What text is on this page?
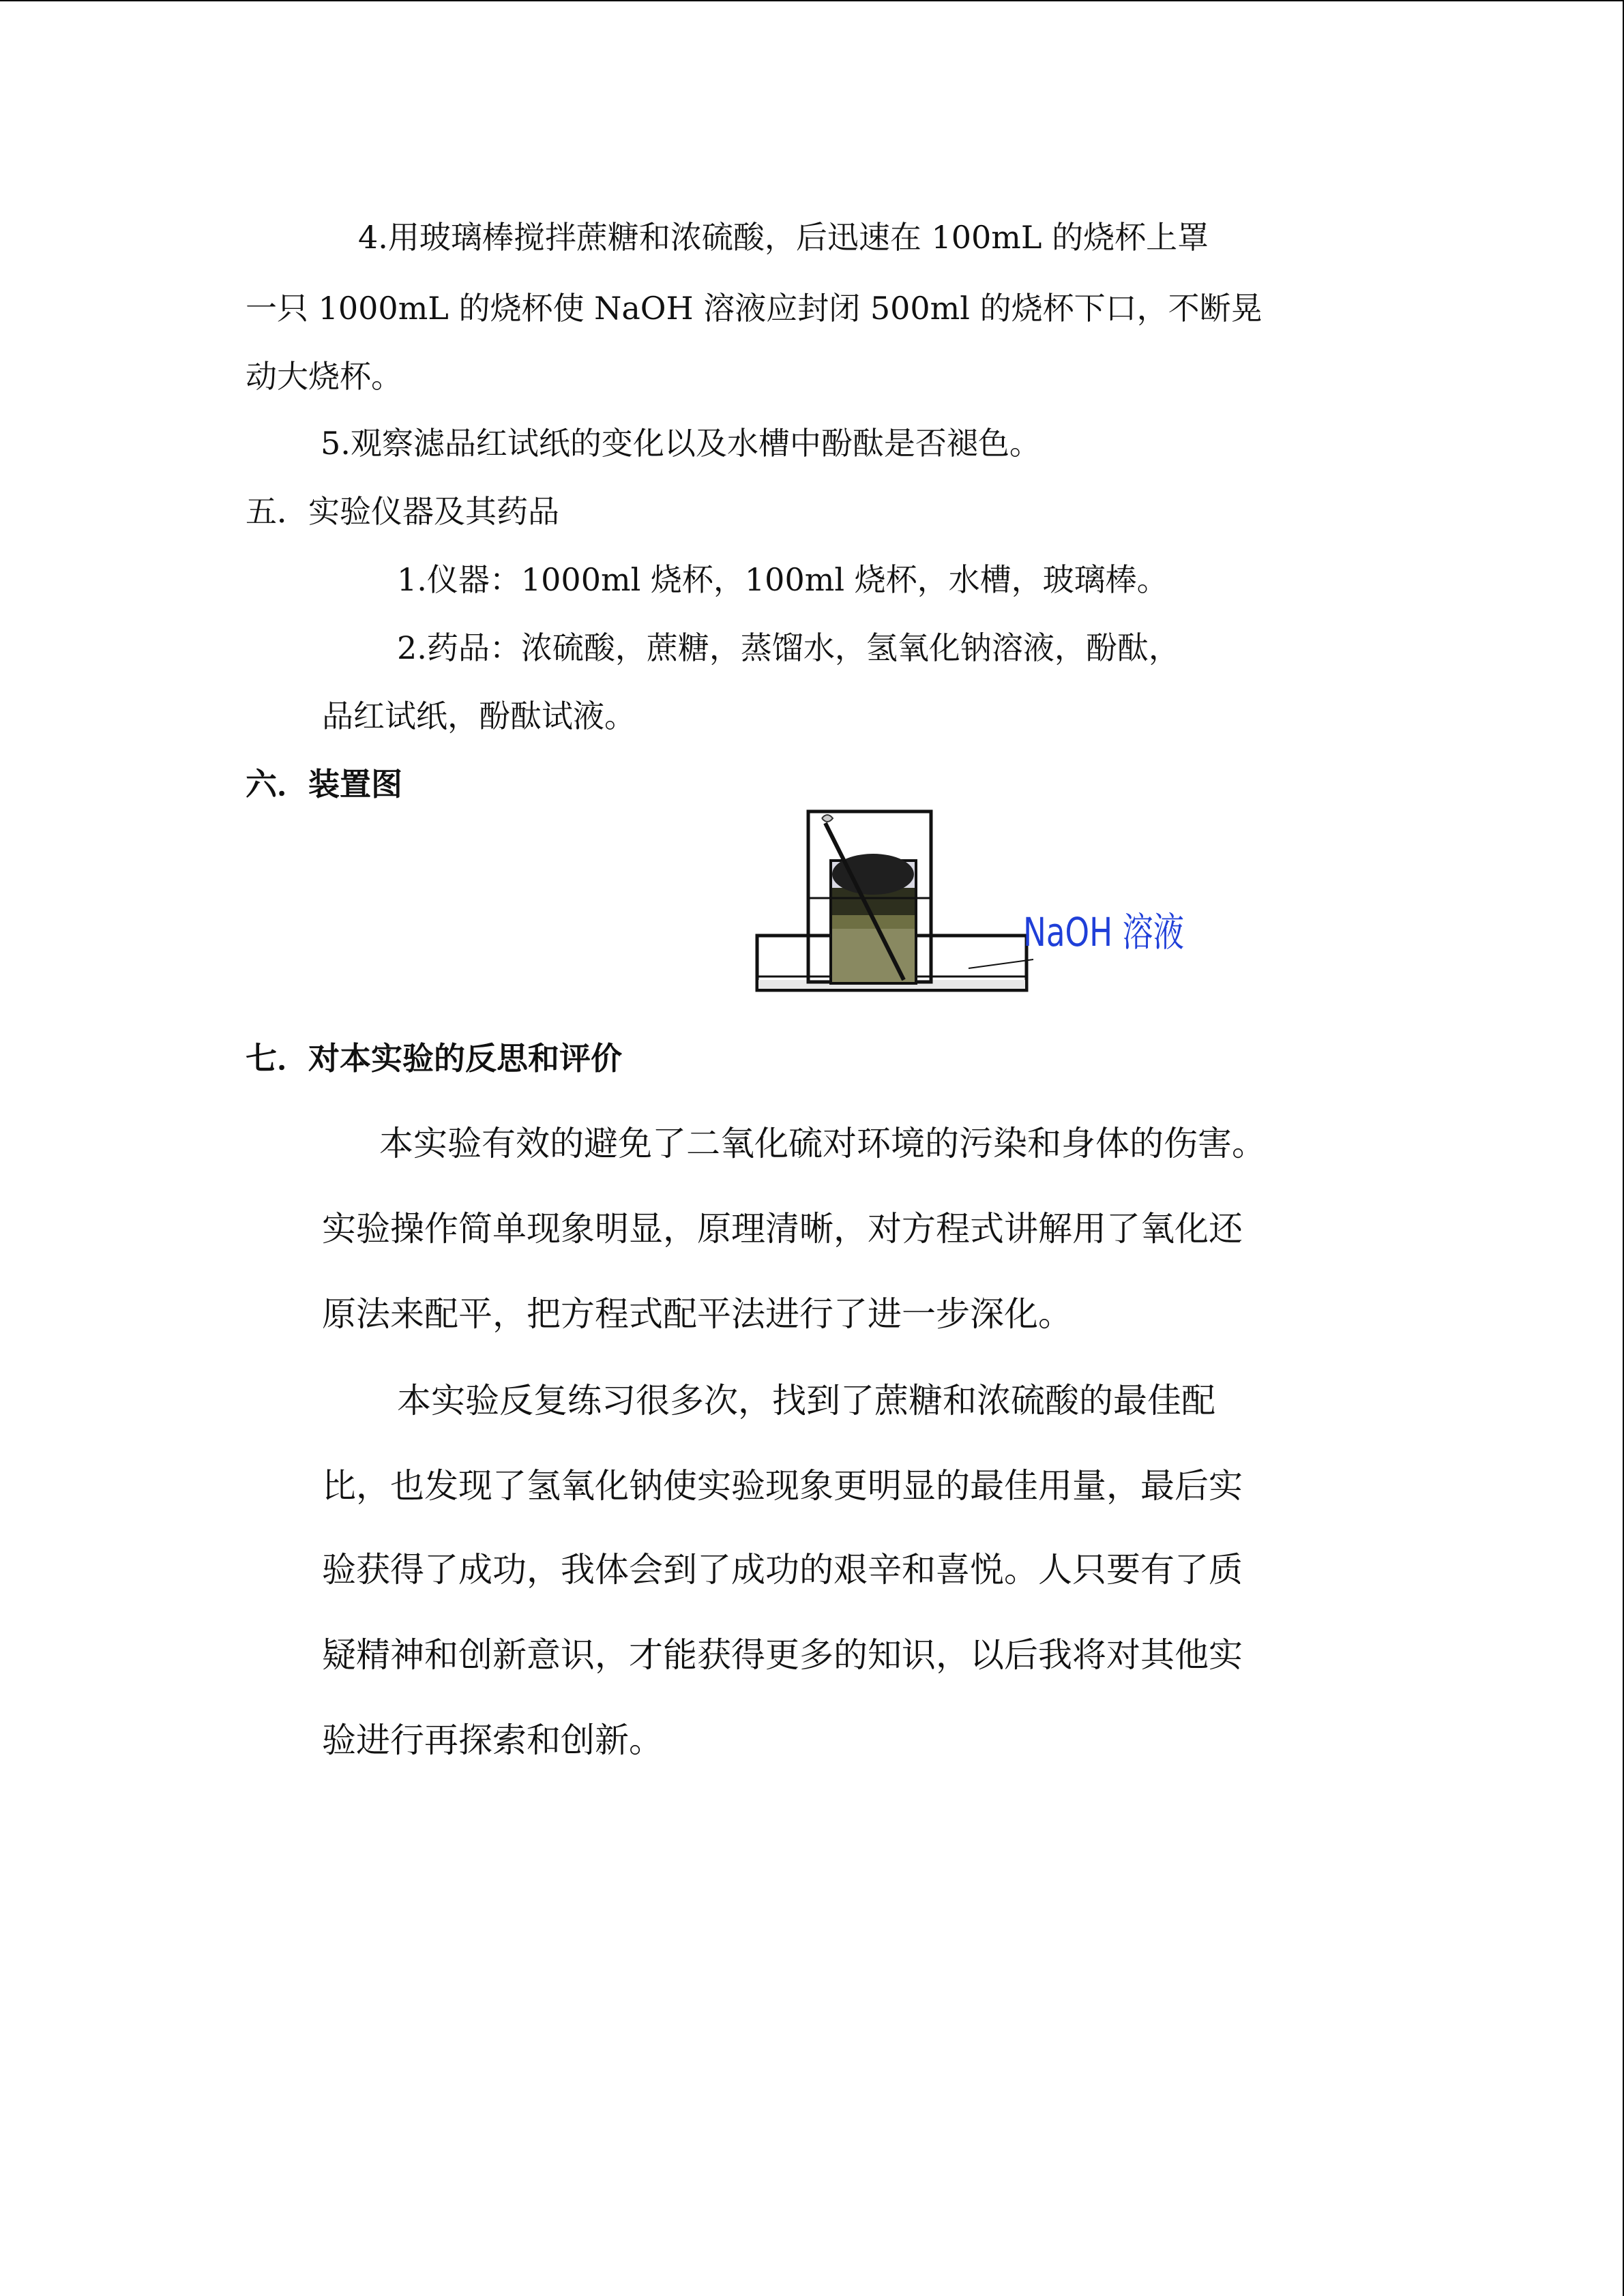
4.用玻璃棒搅拌蔗糖和浓硫酸，后迅速在 100mL 的烧杯上罩
一只 1000mL 的烧杯使 NaOH 溶液应封闭 500ml 的烧杯下口，不断晃
动大烧杯。
5.观察滤品红试纸的变化以及水槽中酚酞是否褪色。
五．实验仪器及其药品
1.仪器：1000ml 烧杯，100ml 烧杯，水槽，玻璃棒。
2.药品：浓硫酸，蔗糖，蒸馏水，氢氧化钠溶液，酚酞，
品红试纸，酚酞试液。
六．装置图
NaOH 溶液
七．对本实验的反思和评价
本实验有效的避免了二氧化硫对环境的污染和身体的伤害。
实验操作简单现象明显，原理清晰，对方程式讲解用了氧化还
原法来配平，把方程式配平法进行了进一步深化。
本实验反复练习很多次，找到了蔗糖和浓硫酸的最佳配
比，也发现了氢氧化钠使实验现象更明显的最佳用量，最后实
验获得了成功，我体会到了成功的艰辛和喜悦。人只要有了质
疑精神和创新意识，才能获得更多的知识，以后我将对其他实
验进行再探索和创新。
